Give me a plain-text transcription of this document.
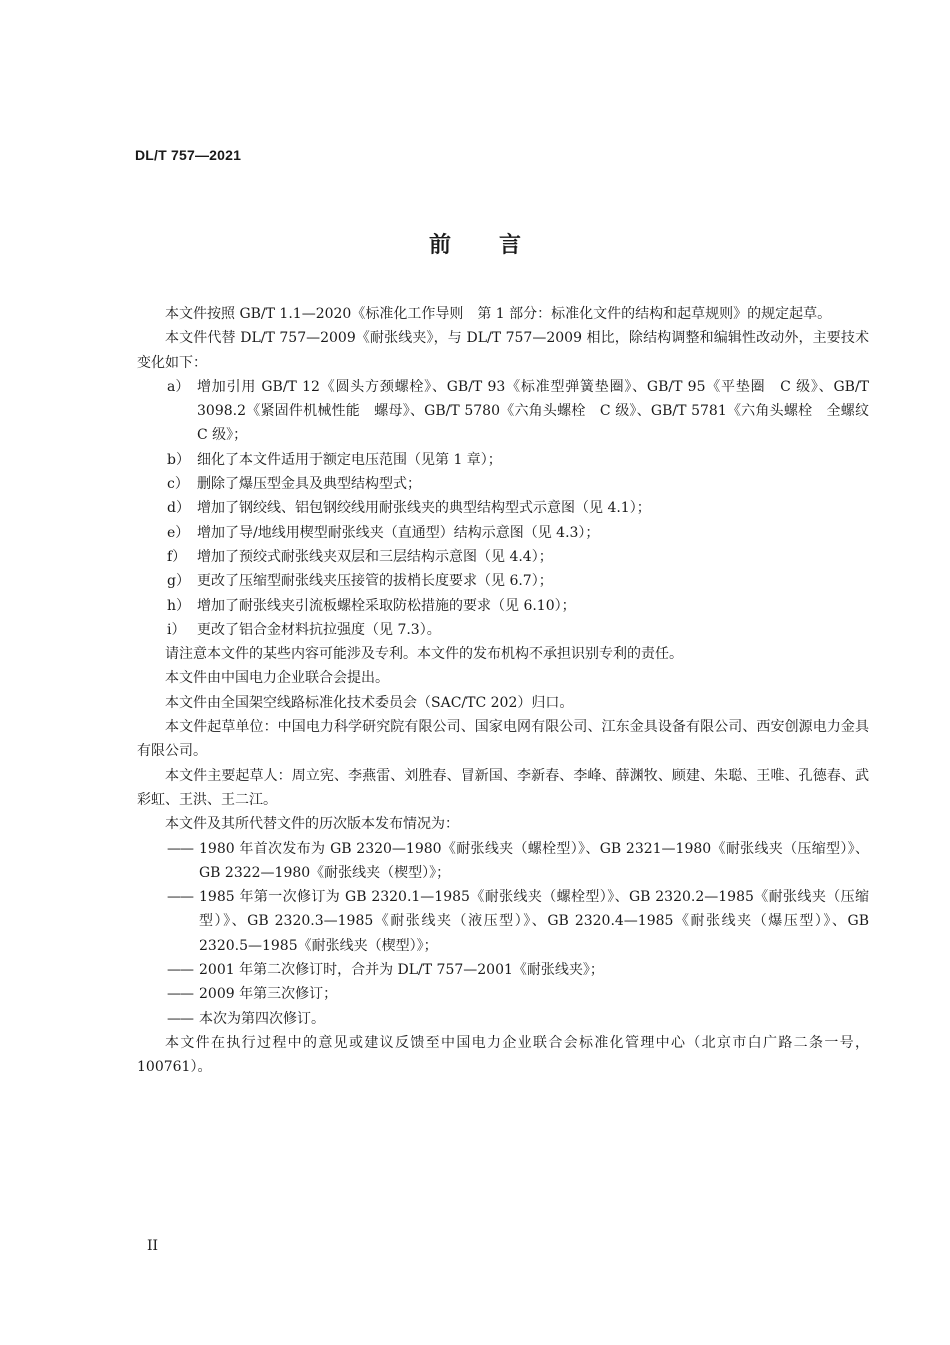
DL/T 757—2021
前言

本文件按照 GB/T 1.1—2020《标准化工作导则　第 1 部分：标准化文件的结构和起草规则》的规定起草。

本文件代替 DL/T 757—2009《耐张线夹》，与 DL/T 757—2009 相比，除结构调整和编辑性改动外，主要技术变化如下：

a） 增加引用 GB/T 12《圆头方颈螺栓》、GB/T 93《标准型弹簧垫圈》、GB/T 95《平垫圈　C 级》、GB/T 3098.2《紧固件机械性能　螺母》、GB/T 5780《六角头螺栓　C 级》、GB/T 5781《六角头螺栓　全螺纹　C 级》；
b） 细化了本文件适用于额定电压范围（见第 1 章）；
c） 删除了爆压型金具及典型结构型式；
d） 增加了钢绞线、铝包钢绞线用耐张线夹的典型结构型式示意图（见 4.1）；
e） 增加了导/地线用楔型耐张线夹（直通型）结构示意图（见 4.3）；
f） 增加了预绞式耐张线夹双层和三层结构示意图（见 4.4）；
g） 更改了压缩型耐张线夹压接管的拔梢长度要求（见 6.7）；
h） 增加了耐张线夹引流板螺栓采取防松措施的要求（见 6.10）；
i） 更改了铝合金材料抗拉强度（见 7.3）。

请注意本文件的某些内容可能涉及专利。本文件的发布机构不承担识别专利的责任。

本文件由中国电力企业联合会提出。

本文件由全国架空线路标准化技术委员会（SAC/TC 202）归口。

本文件起草单位：中国电力科学研究院有限公司、国家电网有限公司、江东金具设备有限公司、西安创源电力金具有限公司。

本文件主要起草人：周立宪、李燕雷、刘胜春、冒新国、李新春、李峰、薛渊牧、顾建、朱聪、王唯、孔德春、武彩虹、王洪、王二江。

本文件及其所代替文件的历次版本发布情况为：

—— 1980 年首次发布为 GB 2320—1980《耐张线夹（螺栓型）》、GB 2321—1980《耐张线夹（压缩型）》、GB 2322—1980《耐张线夹（楔型）》；
—— 1985 年第一次修订为 GB 2320.1—1985《耐张线夹（螺栓型）》、GB 2320.2—1985《耐张线夹（压缩型）》、GB 2320.3—1985《耐张线夹（液压型）》、GB 2320.4—1985《耐张线夹（爆压型）》、GB 2320.5—1985《耐张线夹（楔型）》；
—— 2001 年第二次修订时，合并为 DL/T 757—2001《耐张线夹》；
—— 2009 年第三次修订；
—— 本次为第四次修订。

本文件在执行过程中的意见或建议反馈至中国电力企业联合会标准化管理中心（北京市白广路二条一号，100761）。

II
